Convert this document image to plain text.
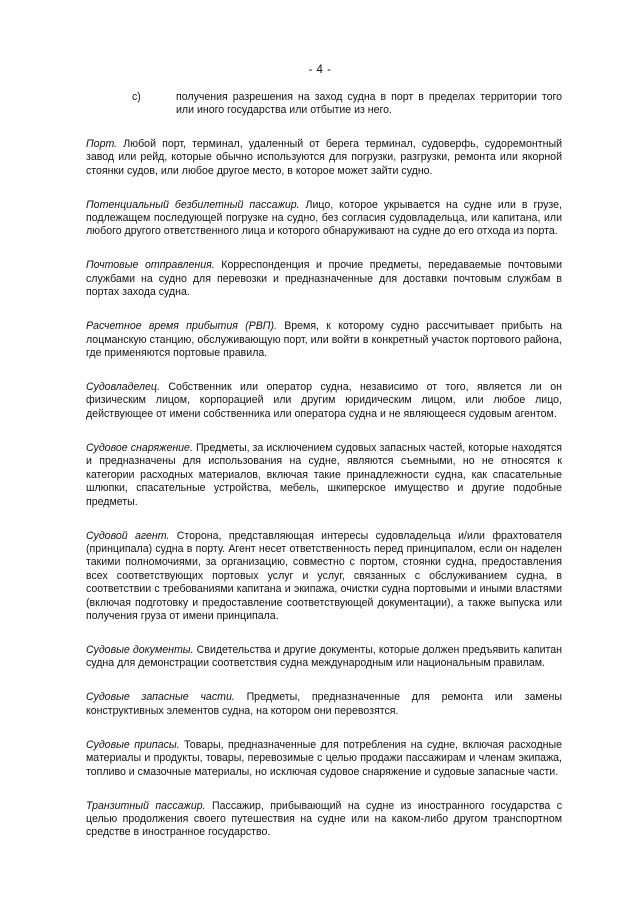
- 4 -
c)	получения разрешения на заход судна в порт в пределах территории того или иного государства или отбытие из него.

Порт. Любой порт, терминал, удаленный от берега терминал, судоверфь, судоремонтный завод или рейд, которые обычно используются для погрузки, разгрузки, ремонта или якорной стоянки судов, или любое другое место, в которое может зайти судно.

Потенциальный безбилетный пассажир. Лицо, которое укрывается на судне или в грузе, подлежащем последующей погрузке на судно, без согласия судовладельца, или капитана, или любого другого ответственного лица и которого обнаруживают на судне до его отхода из порта.

Почтовые отправления. Корреспонденция и прочие предметы, передаваемые почтовыми службами на судно для перевозки и предназначенные для доставки почтовым службам в портах захода судна.

Расчетное время прибытия (РВП). Время, к которому судно рассчитывает прибыть на лоцманскую станцию, обслуживающую порт, или войти в конкретный участок портового района, где применяются портовые правила.

Судовладелец. Собственник или оператор судна, независимо от того, является ли он физическим лицом, корпорацией или другим юридическим лицом, или любое лицо, действующее от имени собственника или оператора судна и не являющееся судовым агентом.

Судовое снаряжение. Предметы, за исключением судовых запасных частей, которые находятся и предназначены для использования на судне, являются съемными, но не относятся к категории расходных материалов, включая такие принадлежности судна, как спасательные шлюпки, спасательные устройства, мебель, шкиперское имущество и другие подобные предметы.

Судовой агент. Сторона, представляющая интересы судовладельца и/или фрахтователя (принципала) судна в порту. Агент несет ответственность перед принципалом, если он наделен такими полномочиями, за организацию, совместно с портом, стоянки судна, предоставления всех соответствующих портовых услуг и услуг, связанных с обслуживанием судна, в соответствии с требованиями капитана и экипажа, очистки судна портовыми и иными властями (включая подготовку и предоставление соответствующей документации), а также выпуска или получения груза от имени принципала.

Судовые документы. Свидетельства и другие документы, которые должен предъявить капитан судна для демонстрации соответствия судна международным или национальным правилам.

Судовые запасные части. Предметы, предназначенные для ремонта или замены конструктивных элементов судна, на котором они перевозятся.

Судовые припасы. Товары, предназначенные для потребления на судне, включая расходные материалы и продукты, товары, перевозимые с целью продажи пассажирам и членам экипажа, топливо и смазочные материалы, но исключая судовое снаряжение и судовые запасные части.

Транзитный пассажир. Пассажир, прибывающий на судне из иностранного государства с целью продолжения своего путешествия на судне или на каком-либо другом транспортном средстве в иностранное государство.
